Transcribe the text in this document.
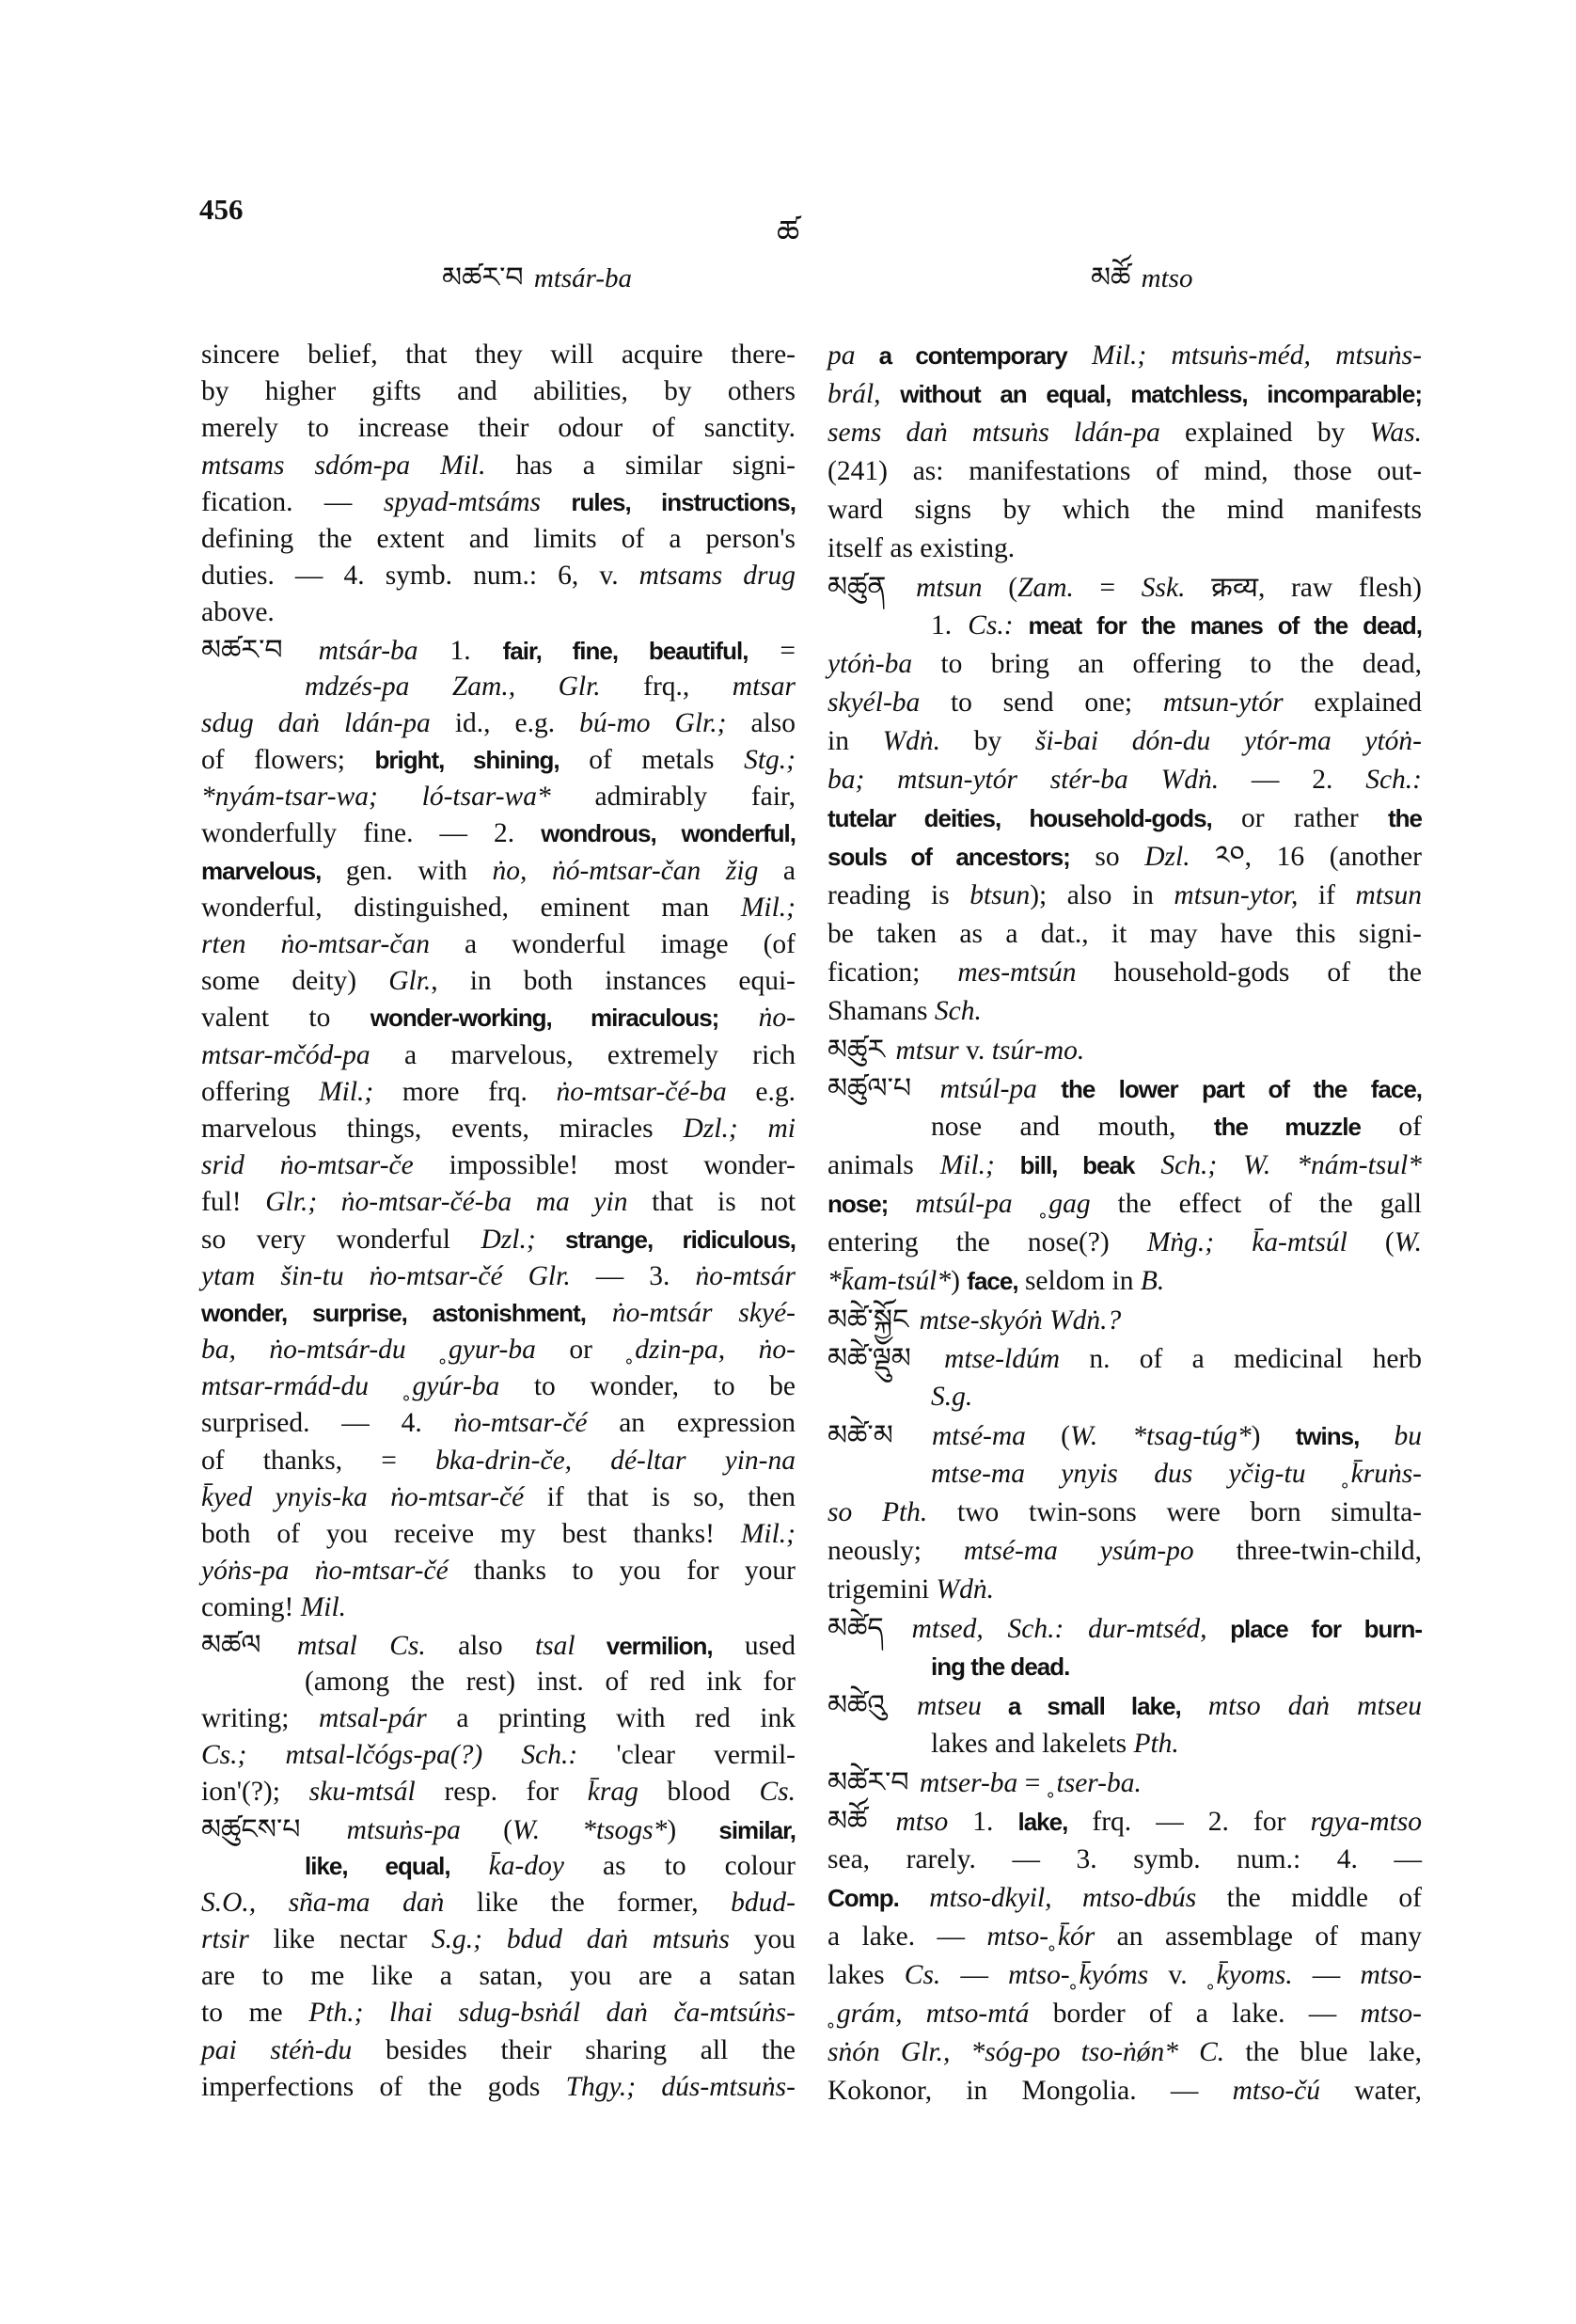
456
ཚ
མཚར་བ mtsár-ba	མཚོ mtso
sincere belief, that they will acquire there-
by higher gifts and abilities, by others
merely to increase their odour of sanctity.
mtsams sdóm-pa Mil. has a similar signi-
fication. — spyad-mtsáms rules, instructions,
defining the extent and limits of a person's
duties. — 4. symb. num.: 6, v. mtsams drug
above.
མཚར་བ mtsár-ba 1. fair, fine, beautiful, =
mdzés-pa Zam., Glr. frq., mtsar
sdug daṅ ldán-pa id., e.g. bú-mo Glr.; also
of flowers; bright, shining, of metals Stg.;
*nyám-tsar-wa; ló-tsar-wa* admirably fair,
wonderfully fine. — 2. wondrous, wonderful,
marvelous, gen. with ṅo, ṅó-mtsar-čan žig a
wonderful, distinguished, eminent man Mil.;
rten ṅo-mtsar-čan a wonderful image (of
some deity) Glr., in both instances equi-
valent to wonder-working, miraculous; ṅo-
mtsar-mčód-pa a marvelous, extremely rich
offering Mil.; more frq. ṅo-mtsar-čé-ba e.g.
marvelous things, events, miracles Dzl.; mi
srid ṅo-mtsar-če impossible! most wonder-
ful! Glr.; ṅo-mtsar-čé-ba ma yin that is not
so very wonderful Dzl.; strange, ridiculous,
ytam šin-tu ṅo-mtsar-čé Glr. — 3. ṅo-mtsár
wonder, surprise, astonishment, ṅo-mtsár skyé-
ba, ṅo-mtsár-du ˳gyur-ba or ˳dzin-pa, ṅo-
mtsar-rmád-du ˳gyúr-ba to wonder, to be
surprised. — 4. ṅo-mtsar-čé an expression
of thanks, = bka-drin-če, dé-ltar yin-na
k̄yed ynyis-ka ṅo-mtsar-čé if that is so, then
both of you receive my best thanks! Mil.;
yóṅs-pa ṅo-mtsar-čé thanks to you for your
coming! Mil.
མཚལ mtsal Cs. also tsal vermilion, used
(among the rest) inst. of red ink for
writing; mtsal-pár a printing with red ink
Cs.; mtsal-lčógs-pa(?) Sch.: 'clear vermil-
ion'(?); sku-mtsál resp. for k̄rag blood Cs.
མཚུངས་པ mtsuṅs-pa (W. *tsogs*) similar,
like, equal, k̄a-doy as to colour
S.O., sña-ma daṅ like the former, bdud-
rtsir like nectar S.g.; bdud daṅ mtsuṅs you
are to me like a satan, you are a satan
to me Pth.; lhai sdug-bsṅál daṅ ča-mtsúṅs-
pai stéṅ-du besides their sharing all the
imperfections of the gods Thgy.; dús-mtsuṅs-
pa a contemporary Mil.; mtsuṅs-méd, mtsuṅs-
brál, without an equal, matchless, incomparable;
sems daṅ mtsuṅs ldán-pa explained by Was.
(241) as: manifestations of mind, those out-
ward signs by which the mind manifests
itself as existing.
མཚུན mtsun (Zam. = Ssk. क्रव्य, raw flesh)
1. Cs.: meat for the manes of the dead,
ytóṅ-ba to bring an offering to the dead,
skyél-ba to send one; mtsun-ytór explained
in Wdṅ. by ši-bai dón-du ytór-ma ytóṅ-
ba; mtsun-ytór stér-ba Wdṅ. — 2. Sch.:
tutelar deities, household-gods, or rather the
souls of ancestors; so Dzl. ༢༠, 16 (another
reading is btsun); also in mtsun-ytor, if mtsun
be taken as a dat., it may have this signi-
fication; mes-mtsún household-gods of the
Shamans Sch.
མཚུར mtsur v. tsúr-mo.
མཚུལ་པ mtsúl-pa the lower part of the face,
nose and mouth, the muzzle of
animals Mil.; bill, beak Sch.; W. *nám-tsul*
nose; mtsúl-pa ˳gag the effect of the gall
entering the nose(?) Mṅg.; k̄a-mtsúl (W.
*k̄am-tsúl*) face, seldom in B.
མཚེ་སྐྱོང mtse-skyóṅ Wdṅ.?
མཚེ་ལྡུམ mtse-ldúm n. of a medicinal herb
S.g.
མཚེ་མ mtsé-ma (W. *tsag-túg*) twins, bu
mtse-ma ynyis dus yčig-tu ˳k̄ruṅs-
so Pth. two twin-sons were born simulta-
neously; mtsé-ma ysúm-po three-twin-child,
trigemini Wdṅ.
མཚེད mtsed, Sch.: dur-mtséd, place for burn-
ing the dead.
མཚེའུ mtseu a small lake, mtso daṅ mtseu
lakes and lakelets Pth.
མཚེར་བ mtser-ba = ˳tser-ba.
མཚོ mtso 1. lake, frq. — 2. for rgya-mtso
sea, rarely. — 3. symb. num.: 4. —
Comp. mtso-dkyil, mtso-dbús the middle of
a lake. — mtso-˳k̄ór an assemblage of many
lakes Cs. — mtso-˳k̄yóms v. ˳k̄yoms. — mtso-
˳grám, mtso-mtá border of a lake. — mtso-
sṅón Glr., *sóg-po tso-ṅǿn* C. the blue lake,
Kokonor, in Mongolia. — mtso-čú water,
